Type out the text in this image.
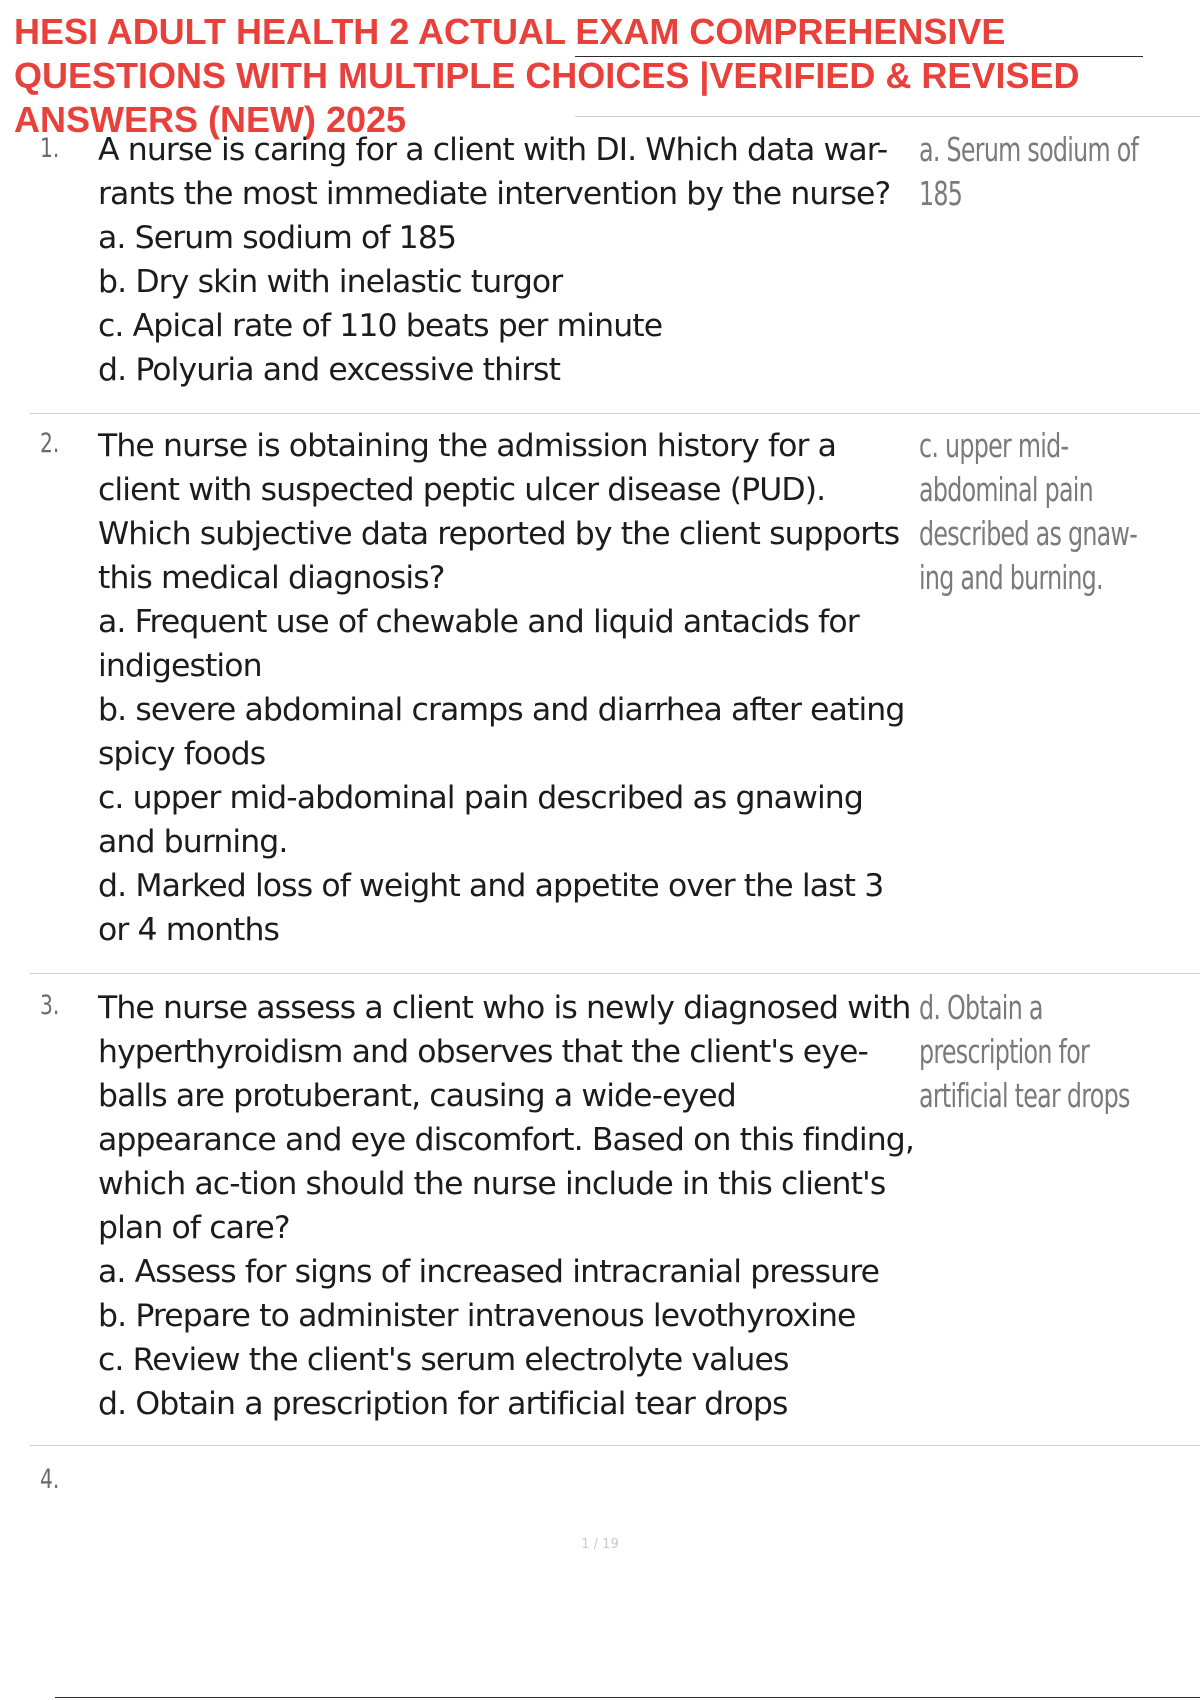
HESI ADULT HEALTH 2 ACTUAL EXAM COMPREHENSIVE QUESTIONS WITH MULTIPLE CHOICES |VERIFIED & REVISED ANSWERS (NEW) 2025
1. A nurse is caring for a client with DI. Which data war-rants the most immediate intervention by the nurse?

a. Serum sodium of 185
b. Dry skin with inelastic turgor
c. Apical rate of 110 beats per minute
d. Polyuria and excessive thirst
a. Serum sodium of 185
2. The nurse is obtaining the admission history for a client with suspected peptic ulcer disease (PUD). Which subjective data reported by the client supports this medical diagnosis?

a. Frequent use of chewable and liquid antacids for indigestion
b. severe abdominal cramps and diarrhea after eating spicy foods
c. upper mid-abdominal pain described as gnawing and burning.
d. Marked loss of weight and appetite over the last 3 or 4 months
c. upper mid-abdominal pain described as gnaw-ing and burning.
3. The nurse assess a client who is newly diagnosed with hyperthyroidism and observes that the client's eye-balls are protuberant, causing a wide-eyed appearance and eye discomfort. Based on this finding, which ac-tion should the nurse include in this client's plan of care?

a. Assess for signs of increased intracranial pressure
b. Prepare to administer intravenous levothyroxine
c. Review the client's serum electrolyte values
d. Obtain a prescription for artificial tear drops
d. Obtain a prescription for artificial tear drops
4.
1 / 19
